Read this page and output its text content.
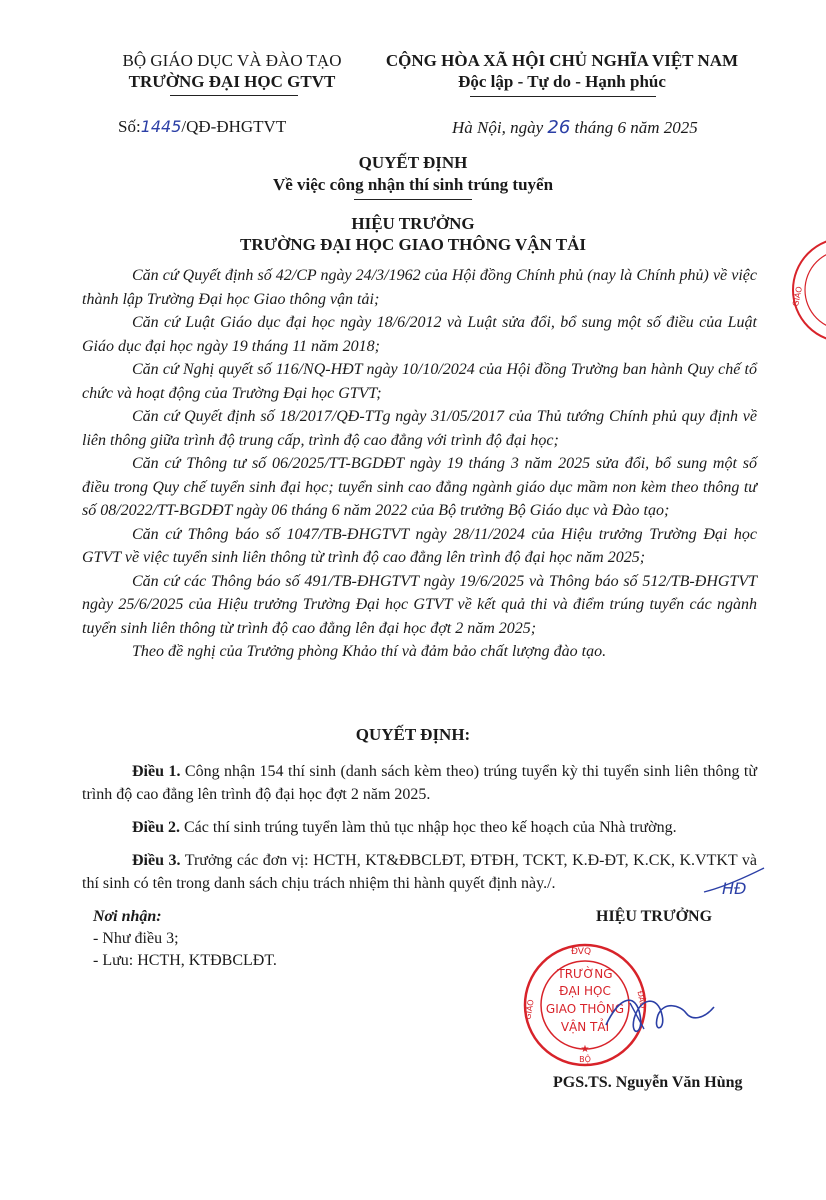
BỘ GIÁO DỤC VÀ ĐÀO TẠO
TRƯỜNG ĐẠI HỌC GTVT
CỘNG HÒA XÃ HỘI CHỦ NGHĨA VIỆT NAM
Độc lập - Tự do - Hạnh phúc
Số:1445/QĐ-ĐHGTVT	Hà Nội, ngày 26 tháng 6 năm 2025
QUYẾT ĐỊNH
Về việc công nhận thí sinh trúng tuyển
HIỆU TRƯỞNG
TRƯỜNG ĐẠI HỌC GIAO THÔNG VẬN TẢI

Căn cứ Quyết định số 42/CP ngày 24/3/1962 của Hội đồng Chính phủ (nay là Chính phủ) về việc thành lập Trường Đại học Giao thông vận tải;

Căn cứ Luật Giáo dục đại học ngày 18/6/2012 và Luật sửa đổi, bổ sung một số điều của Luật Giáo dục đại học ngày 19 tháng 11 năm 2018;

Căn cứ Nghị quyết số 116/NQ-HĐT ngày 10/10/2024 của Hội đồng Trường ban hành Quy chế tổ chức và hoạt động của Trường Đại học GTVT;

Căn cứ Quyết định số 18/2017/QĐ-TTg ngày 31/05/2017 của Thủ tướng Chính phủ quy định về liên thông giữa trình độ trung cấp, trình độ cao đẳng với trình độ đại học;

Căn cứ Thông tư số 06/2025/TT-BGDĐT ngày 19 tháng 3 năm 2025 sửa đổi, bổ sung một số điều trong Quy chế tuyển sinh đại học; tuyển sinh cao đẳng ngành giáo dục mầm non kèm theo thông tư số 08/2022/TT-BGDĐT ngày 06 tháng 6 năm 2022 của Bộ trưởng Bộ Giáo dục và Đào tạo;

Căn cứ Thông báo số 1047/TB-ĐHGTVT ngày 28/11/2024 của Hiệu trưởng Trường Đại học GTVT về việc tuyển sinh liên thông từ trình độ cao đẳng lên trình độ đại học năm 2025;

Căn cứ các Thông báo số 491/TB-ĐHGTVT ngày 19/6/2025 và Thông báo số 512/TB-ĐHGTVT ngày 25/6/2025 của Hiệu trưởng Trường Đại học GTVT về kết quả thi và điểm trúng tuyển các ngành tuyển sinh liên thông từ trình độ cao đẳng lên đại học đợt 2 năm 2025;

Theo đề nghị của Trưởng phòng Khảo thí và đảm bảo chất lượng đào tạo.

QUYẾT ĐỊNH:

Điều 1. Công nhận 154 thí sinh (danh sách kèm theo) trúng tuyển kỳ thi tuyển sinh liên thông từ trình độ cao đẳng lên trình độ đại học đợt 2 năm 2025.

Điều 2. Các thí sinh trúng tuyển làm thủ tục nhập học theo kế hoạch của Nhà trường.

Điều 3. Trưởng các đơn vị: HCTH, KT&ĐBCLĐT, ĐTĐH, TCKT, K.Đ-ĐT, K.CK, K.VTKT và thí sinh có tên trong danh sách chịu trách nhiệm thi hành quyết định này./.	HĐ
Nơi nhận:
- Như điều 3;
- Lưu: HCTH, KTĐBCLĐT.
HIỆU TRƯỞNG
ĐVQ
GIÁO	ĐÀO
BỘ
TRƯỜNG
ĐẠI HỌC
GIAO THÔNG
VẬN TẢI
★
PGS.TS. Nguyễn Văn Hùng
GIÁO
